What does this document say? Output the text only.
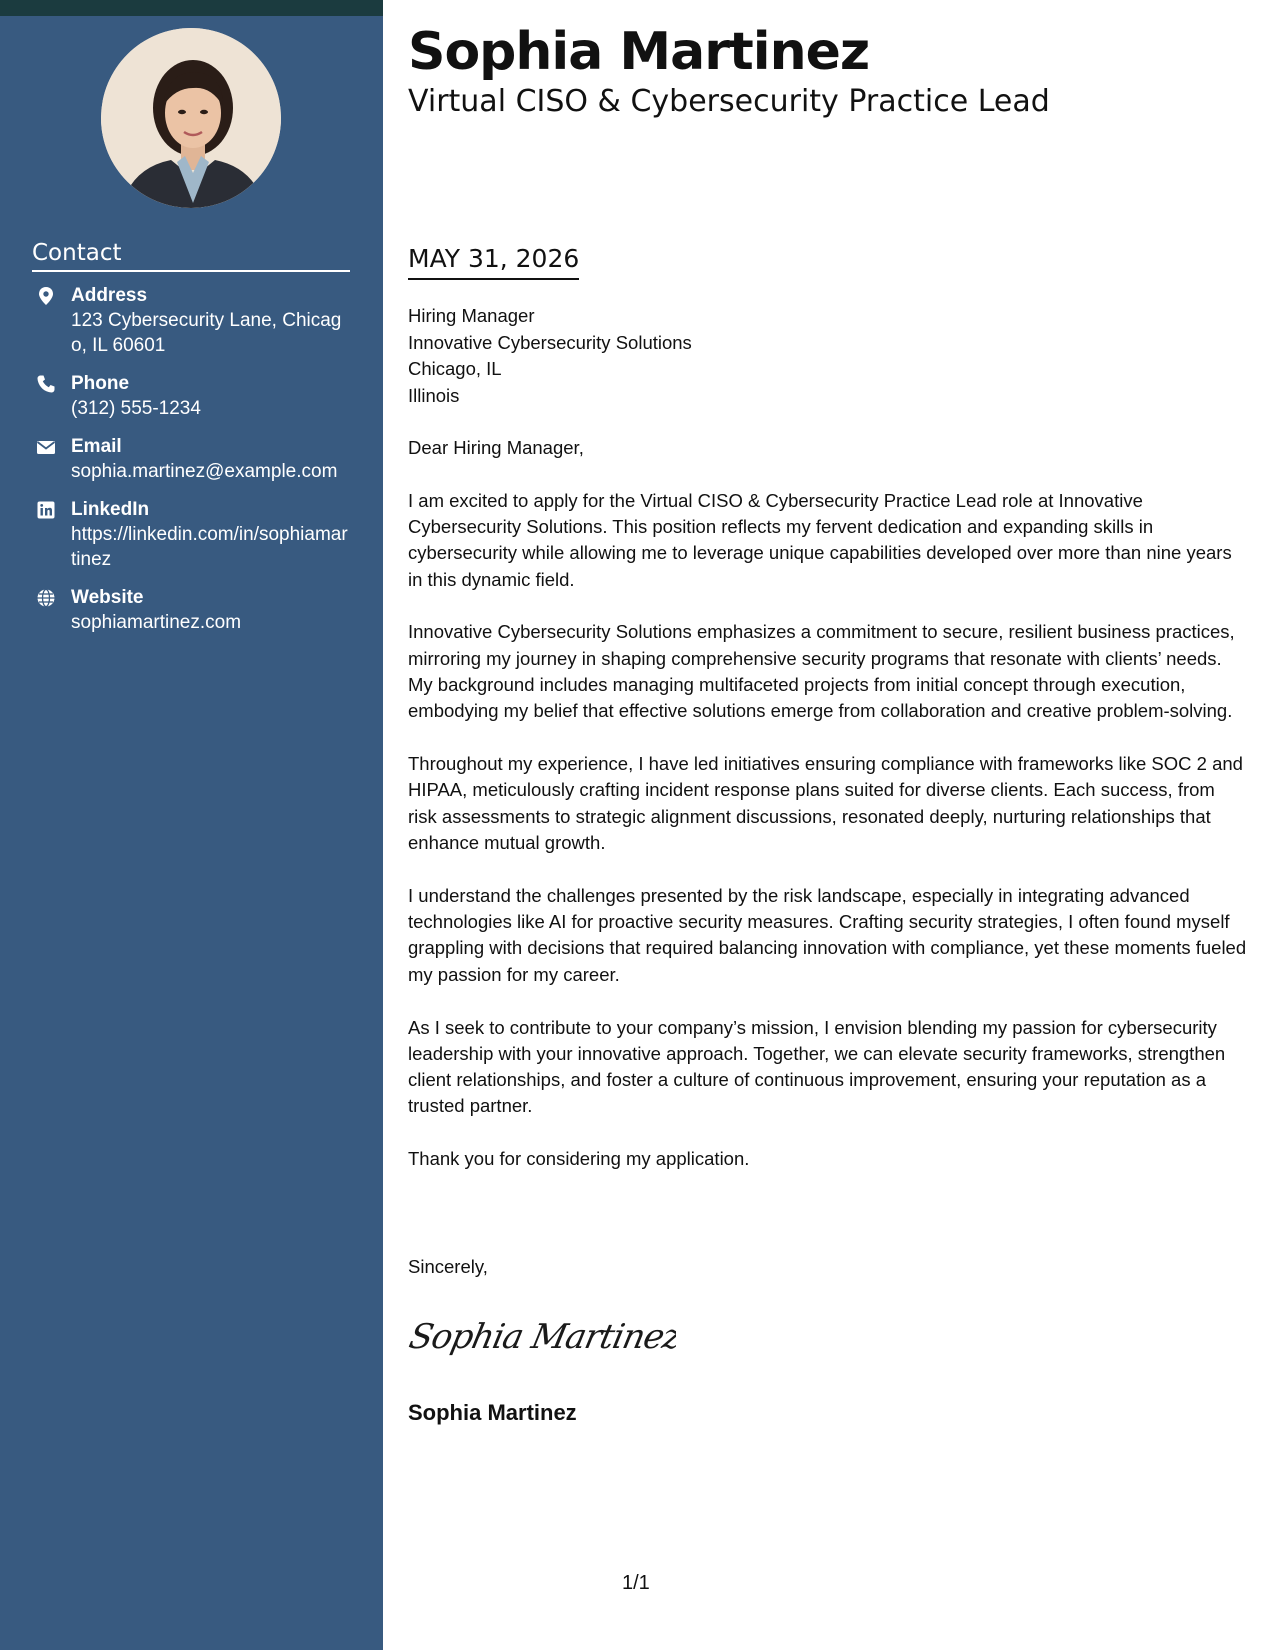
Contact
Address
123 Cybersecurity Lane, Chicago, IL 60601
Phone
(312) 555-1234
Email
sophia.martinez@example.com
LinkedIn
https://linkedin.com/in/sophiamartinez
Website
sophiamartinez.com
Sophia Martinez
Virtual CISO & Cybersecurity Practice Lead
MAY 31, 2026
Hiring Manager
Innovative Cybersecurity Solutions
Chicago, IL
Illinois

Dear Hiring Manager,

I am excited to apply for the Virtual CISO & Cybersecurity Practice Lead role at Innovative Cybersecurity Solutions. This position reflects my fervent dedication and expanding skills in cybersecurity while allowing me to leverage unique capabilities developed over more than nine years in this dynamic field.

Innovative Cybersecurity Solutions emphasizes a commitment to secure, resilient business practices, mirroring my journey in shaping comprehensive security programs that resonate with clients’ needs. My background includes managing multifaceted projects from initial concept through execution, embodying my belief that effective solutions emerge from collaboration and creative problem-solving.

Throughout my experience, I have led initiatives ensuring compliance with frameworks like SOC 2 and HIPAA, meticulously crafting incident response plans suited for diverse clients. Each success, from risk assessments to strategic alignment discussions, resonated deeply, nurturing relationships that enhance mutual growth.

I understand the challenges presented by the risk landscape, especially in integrating advanced technologies like AI for proactive security measures. Crafting security strategies, I often found myself grappling with decisions that required balancing innovation with compliance, yet these moments fueled my passion for my career.

As I seek to contribute to your company’s mission, I envision blending my passion for cybersecurity leadership with your innovative approach. Together, we can elevate security frameworks, strengthen client relationships, and foster a culture of continuous improvement, ensuring your reputation as a trusted partner.

Thank you for considering my application.

Sincerely,
Sophia Martinez
Sophia Martinez
1/1
